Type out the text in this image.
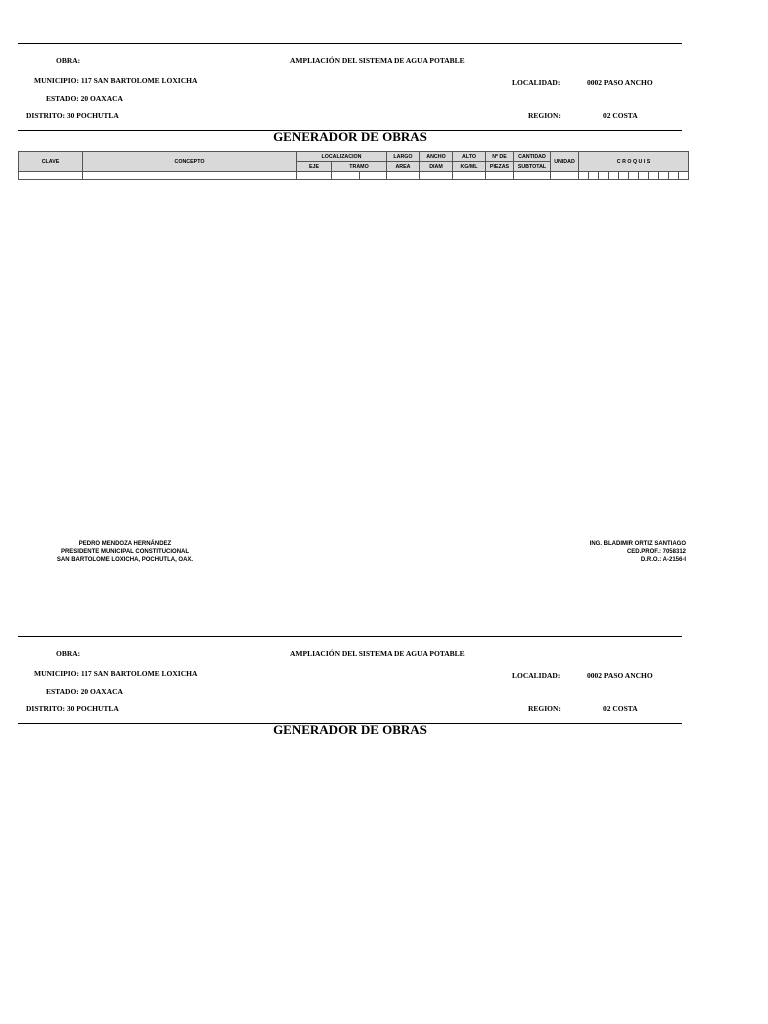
OBRA:	AMPLIACIÓN DEL SISTEMA DE AGUA POTABLE
MUNICIPIO: 117 SAN BARTOLOME LOXICHA	LOCALIDAD:	0002 PASO ANCHO
ESTADO: 20 OAXACA
DISTRITO: 30 POCHUTLA	REGION:	02 COSTA
GENERADOR DE OBRAS
CLAVE	CONCEPTO	LOCALIZACION			LARGO	ANCHO	ALTO	Nº DE	CANTIDAD	UNIDAD	C R O Q U I S										
		EJE	TRAMO		AREA	DIAM	KG/ML	PIEZAS	SUBTOTAL												

PEDRO MENDOZA HERNÁNDEZ
PRESIDENTE MUNICIPAL CONSTITUCIONAL
SAN BARTOLOME LOXICHA, POCHUTLA, OAX.
ING. BLADIMIR ORTIZ SANTIAGO
CED.PROF.: 7058312
D.R.O.: A-2156-I
OBRA:	AMPLIACIÓN DEL SISTEMA DE AGUA POTABLE
MUNICIPIO: 117 SAN BARTOLOME LOXICHA	LOCALIDAD:	0002 PASO ANCHO
ESTADO: 20 OAXACA
DISTRITO: 30 POCHUTLA	REGION:	02 COSTA
GENERADOR DE OBRAS
